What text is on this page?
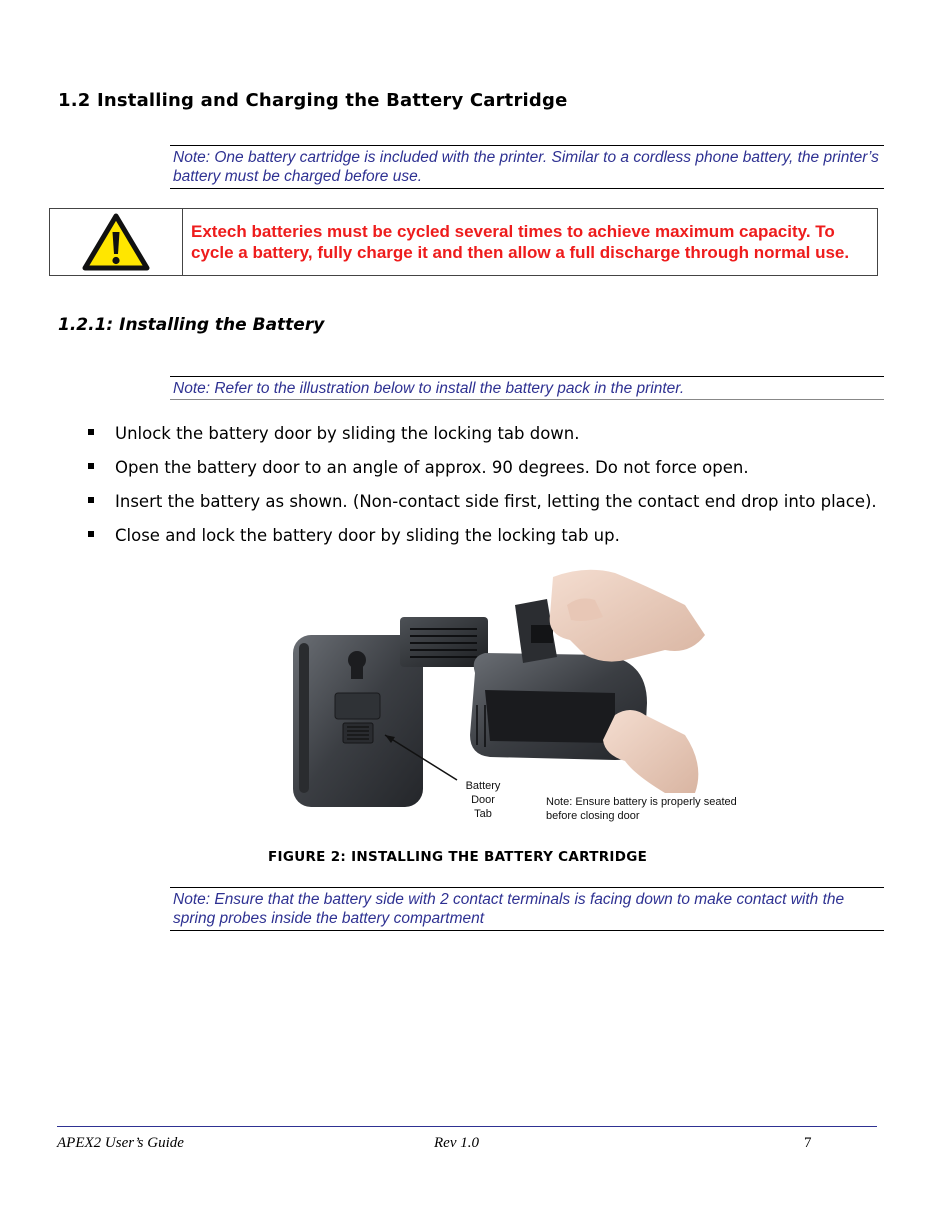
1.2 Installing and Charging the Battery Cartridge
Note: One battery cartridge is included with the printer. Similar to a cordless phone battery, the printer’s battery must be charged before use.
Extech batteries must be cycled several times to achieve maximum capacity. To cycle a battery, fully charge it and then allow a full discharge through normal use.
1.2.1: Installing the Battery
Note: Refer to the illustration below to install the battery pack in the printer.
Unlock the battery door by sliding the locking tab down.
Open the battery door to an angle of approx. 90 degrees. Do not force open.
Insert the battery as shown. (Non-contact side first, letting the contact end drop into place).
Close and lock the battery door by sliding the locking tab up.
Battery
Door
Tab
Note: Ensure battery is properly seated
before closing door
FIGURE 2: INSTALLING THE BATTERY CARTRIDGE
Note: Ensure that the battery side with 2 contact terminals is facing down to make contact with the spring probes inside the battery compartment
APEX2 User’s Guide	Rev 1.0	7
